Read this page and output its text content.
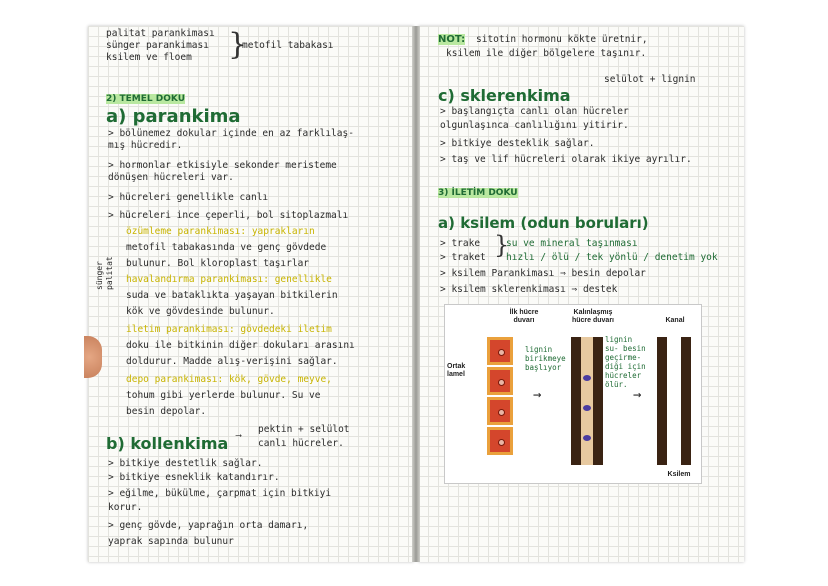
palitat parankiması
sünger parankiması
ksilem ve floem }
metofil tabakası
2) TEMEL DOKU
a) parankima
> bölünemez dokular içinde en az farklılaş-
mış hücredir.
> hormonlar etkisiyle sekonder meristeme
dönüşen hücreleri var.
> hücreleri genellikle canlı
> hücreleri ince çeperli, bol sitoplazmalı
özümleme parankiması: yaprakların
metofil tabakasında ve genç gövdede
bulunur. Bol kloroplast taşırlar
sünger palitat havalandırma parankiması: genellikle
suda ve bataklıkta yaşayan bitkilerin
kök ve gövdesinde bulunur.
iletim parankiması: gövdedeki iletim
doku ile bitkinin diğer dokuları arasını
doldurur. Madde alış-verişini sağlar.
depo parankiması: kök, gövde, meyve,
tohum gibi yerlerde bulunur. Su ve
besin depolar.
b) kollenkima ⟶
pektin + selülot
canlı hücreler.
> bitkiye destetlik sağlar.
> bitkiye esneklik katandırır.
> eğilme, bükülme, çarpmat için bitkiyi
korur.
> genç gövde, yaprağın orta damarı,
yaprak sapında bulunur
NOT: sitotin hormonu kökte üretnir,
ksilem ile diğer bölgelere taşınır.
selülot + lignin
c) sklerenkima
> başlangıçta canlı olan hücreler
olgunlaşınca canlılığını yitirir.
> bitkiye desteklik sağlar.
> taş ve lif hücreleri olarak ikiye ayrılır.
3) İLETİM DOKU
a) ksilem (odun boruları)
> trake
> traket }
su ve mineral taşınması
hızlı / ölü / tek yönlü / denetim yok
> ksilem Parankiması ⇒ besin depolar
> ksilem sklerenkiması ⇒ destek
İlk hücre
duvarı
Kalınlaşmış
hücre duvarı	Kanal
Ortak
lamel
Ksilem
lignin
birikmeye
başlıyor
→
lignin
su- besin
geçirme-
diği için
hücreler
ölür.
→
